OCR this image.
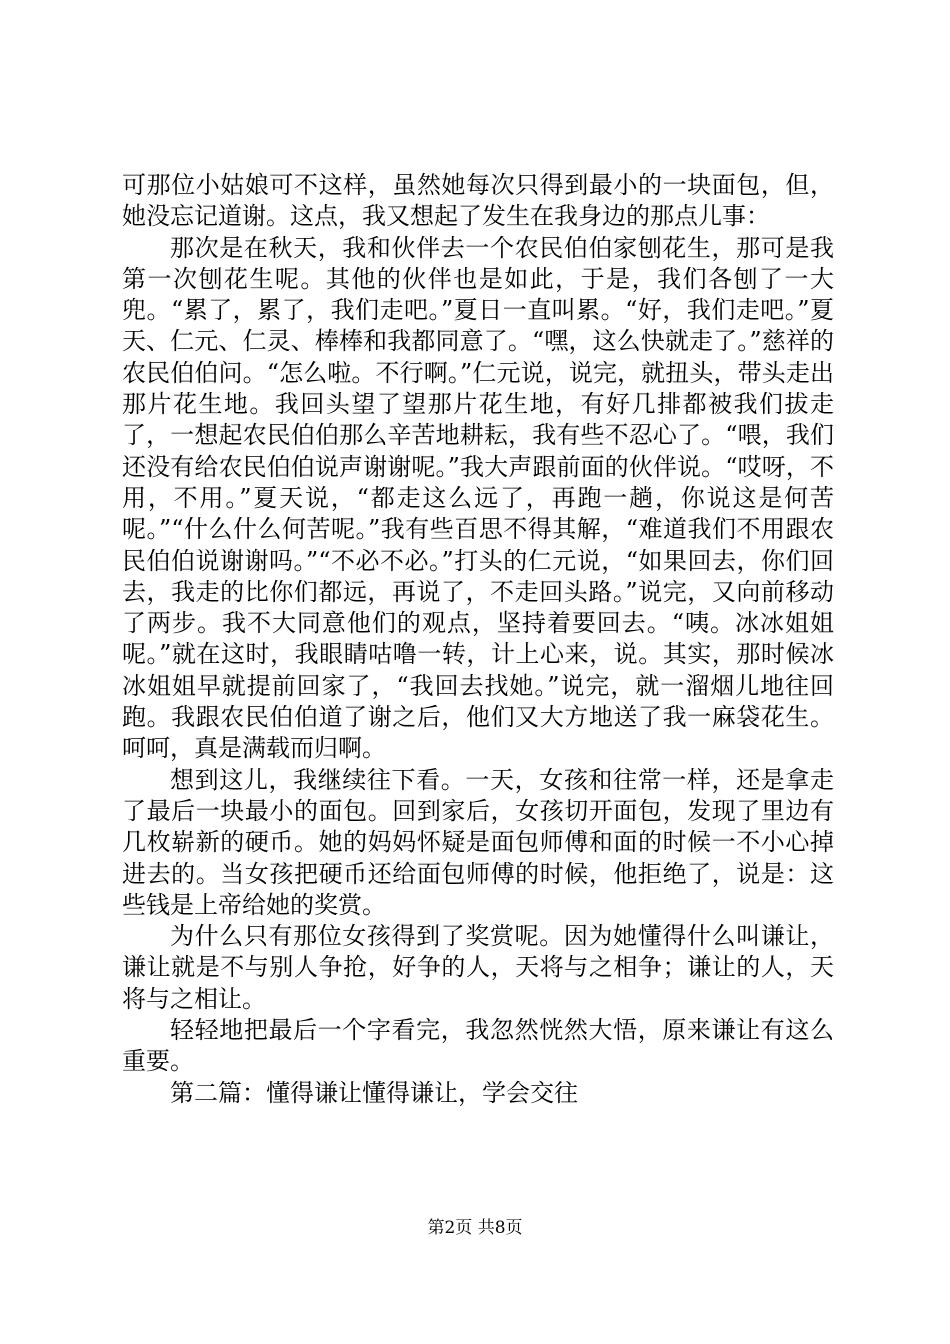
可那位小姑娘可不这样，虽然她每次只得到最小的一块面包，但，她没忘记道谢。这点，我又想起了发生在我身边的那点儿事：

那次是在秋天，我和伙伴去一个农民伯伯家刨花生，那可是我第一次刨花生呢。其他的伙伴也是如此，于是，我们各刨了一大兜。“累了，累了，我们走吧。”夏日一直叫累。“好，我们走吧。”夏天、仁元、仁灵、棒棒和我都同意了。“嘿，这么快就走了。”慈祥的农民伯伯问。“怎么啦。不行啊。”仁元说，说完，就扭头，带头走出那片花生地。我回头望了望那片花生地，有好几排都被我们拔走了，一想起农民伯伯那么辛苦地耕耘，我有些不忍心了。“喂，我们还没有给农民伯伯说声谢谢呢。”我大声跟前面的伙伴说。“哎呀，不用，不用。”夏天说，“都走这么远了，再跑一趟，你说这是何苦呢。”“什么什么何苦呢。”我有些百思不得其解，“难道我们不用跟农民伯伯说谢谢吗。”“不必不必。”打头的仁元说，“如果回去，你们回去，我走的比你们都远，再说了，不走回头路。”说完，又向前移动了两步。我不大同意他们的观点，坚持着要回去。“咦。冰冰姐姐呢。”就在这时，我眼睛咕噜一转，计上心来，说。其实，那时候冰冰姐姐早就提前回家了，“我回去找她。”说完，就一溜烟儿地往回跑。我跟农民伯伯道了谢之后，他们又大方地送了我一麻袋花生。呵呵，真是满载而归啊。

想到这儿，我继续往下看。一天，女孩和往常一样，还是拿走了最后一块最小的面包。回到家后，女孩切开面包，发现了里边有几枚崭新的硬币。她的妈妈怀疑是面包师傅和面的时候一不小心掉进去的。当女孩把硬币还给面包师傅的时候，他拒绝了，说是：这些钱是上帝给她的奖赏。

为什么只有那位女孩得到了奖赏呢。因为她懂得什么叫谦让，谦让就是不与别人争抢，好争的人，天将与之相争；谦让的人，天将与之相让。

轻轻地把最后一个字看完，我忽然恍然大悟，原来谦让有这么重要。

第二篇：懂得谦让懂得谦让，学会交往

第2页 共8页
